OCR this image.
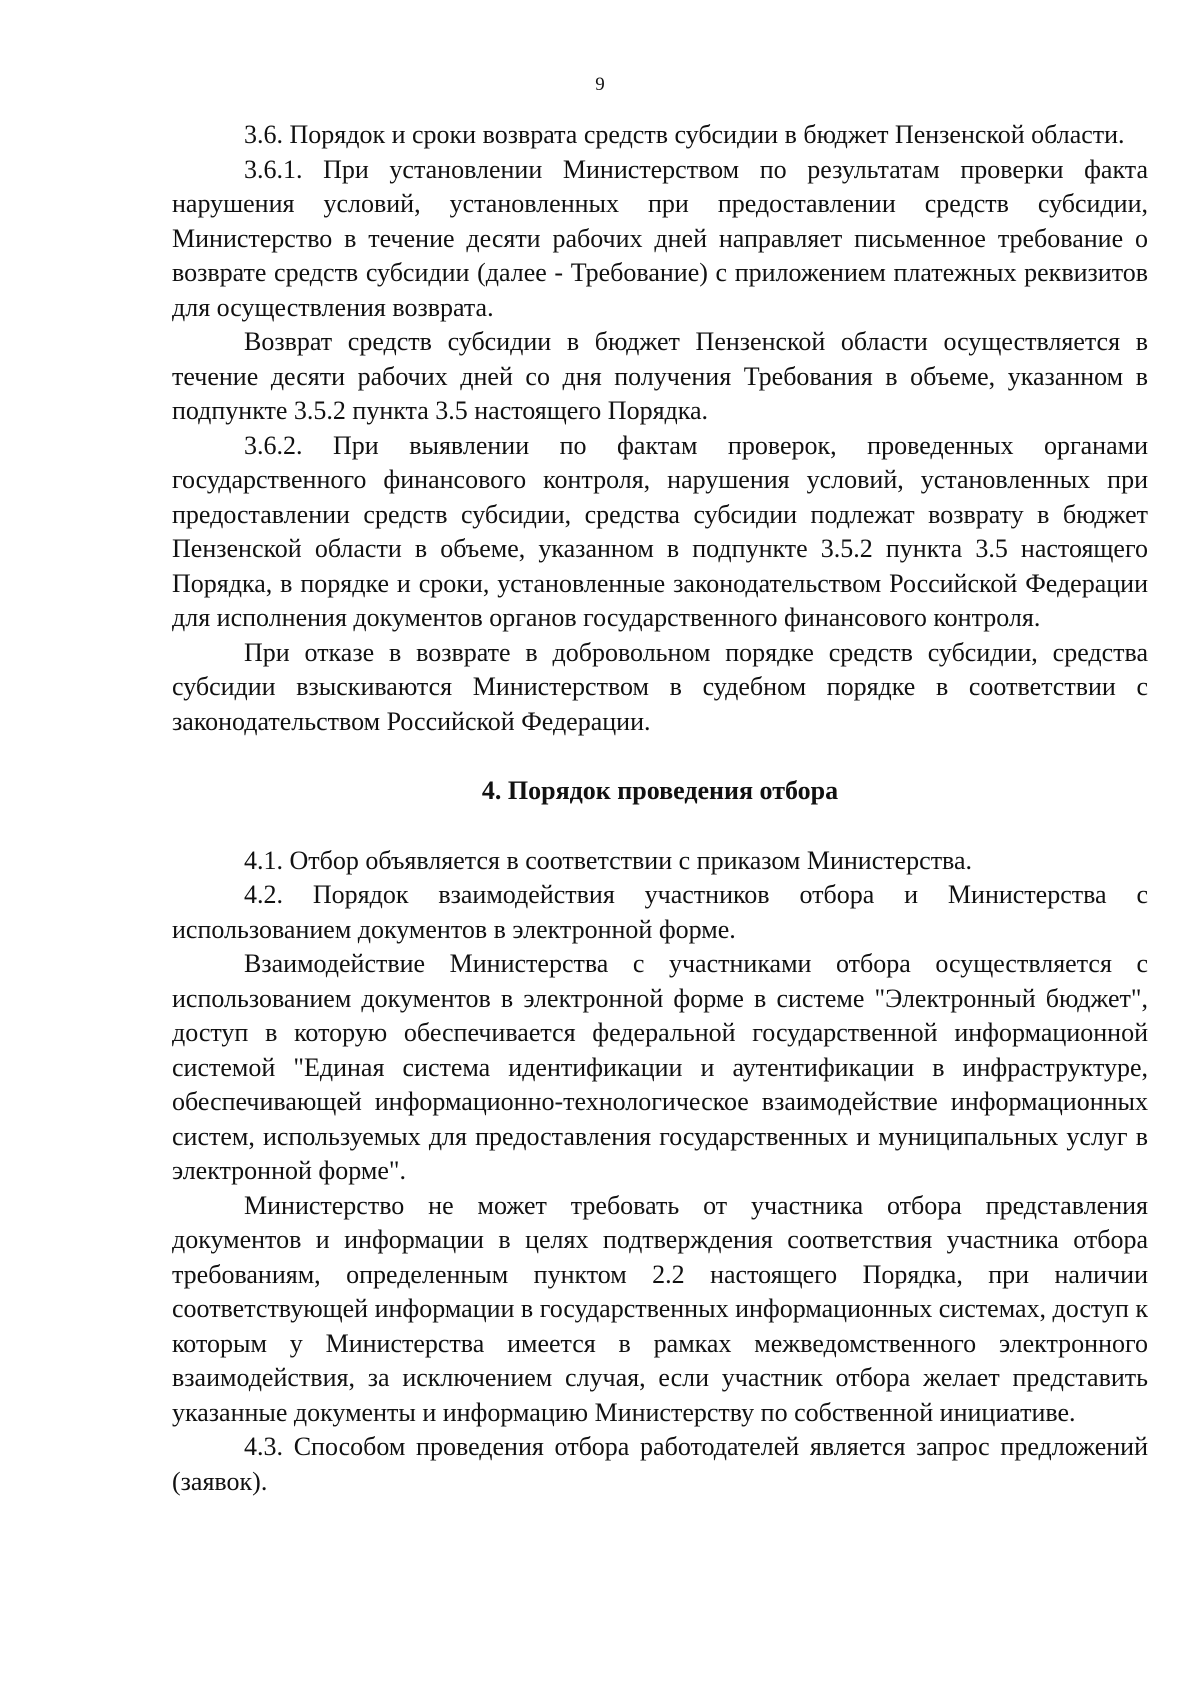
9

3.6. Порядок и сроки возврата средств субсидии в бюджет Пензенской области.

3.6.1. При установлении Министерством по результатам проверки факта нарушения условий, установленных при предоставлении средств субсидии, Министерство в течение десяти рабочих дней направляет письменное требование о возврате средств субсидии (далее - Требование) с приложением платежных реквизитов для осуществления возврата.

Возврат средств субсидии в бюджет Пензенской области осуществляется в течение десяти рабочих дней со дня получения Требования в объеме, указанном в подпункте 3.5.2 пункта 3.5 настоящего Порядка.

3.6.2. При выявлении по фактам проверок, проведенных органами государственного финансового контроля, нарушения условий, установленных при предоставлении средств субсидии, средства субсидии подлежат возврату в бюджет Пензенской области в объеме, указанном в подпункте 3.5.2 пункта 3.5 настоящего Порядка, в порядке и сроки, установленные законодательством Российской Федерации для исполнения документов органов государственного финансового контроля.

При отказе в возврате в добровольном порядке средств субсидии, средства субсидии взыскиваются Министерством в судебном порядке в соответствии с законодательством Российской Федерации.

4. Порядок проведения отбора

4.1. Отбор объявляется в соответствии с приказом Министерства.

4.2. Порядок взаимодействия участников отбора и Министерства с использованием документов в электронной форме.

Взаимодействие Министерства с участниками отбора осуществляется с использованием документов в электронной форме в системе "Электронный бюджет", доступ в которую обеспечивается федеральной государственной информационной системой "Единая система идентификации и аутентификации в инфраструктуре, обеспечивающей информационно-технологическое взаимодействие информационных систем, используемых для предоставления государственных и муниципальных услуг в электронной форме".

Министерство не может требовать от участника отбора представления документов и информации в целях подтверждения соответствия участника отбора требованиям, определенным пунктом 2.2 настоящего Порядка, при наличии соответствующей информации в государственных информационных системах, доступ к которым у Министерства имеется в рамках межведомственного электронного взаимодействия, за исключением случая, если участник отбора желает представить указанные документы и информацию Министерству по собственной инициативе.

4.3. Способом проведения отбора работодателей является запрос предложений (заявок).
